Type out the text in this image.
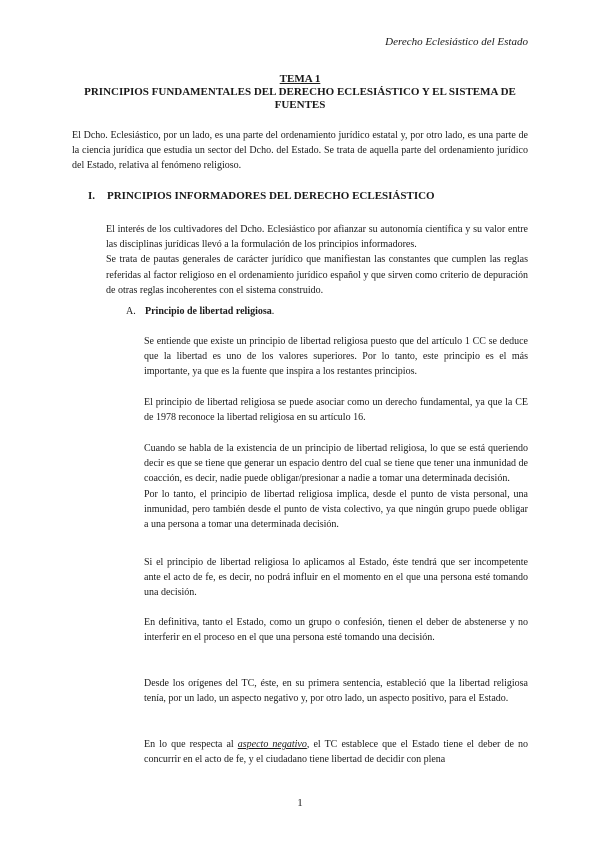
Derecho Eclesiástico del Estado
TEMA 1
PRINCIPIOS FUNDAMENTALES DEL DERECHO ECLESIÁSTICO Y EL SISTEMA DE
FUENTES

El Dcho. Eclesiástico, por un lado, es una parte del ordenamiento jurídico estatal y, por otro lado, es una parte de la ciencia jurídica que estudia un sector del Dcho. del Estado. Se trata de aquella parte del ordenamiento jurídico del Estado, relativa al fenómeno religioso.

I. PRINCIPIOS INFORMADORES DEL DERECHO ECLESIÁSTICO

El interés de los cultivadores del Dcho. Eclesiástico por afianzar su autonomía científica y su valor entre las disciplinas jurídicas llevó a la formulación de los principios informadores.

Se trata de pautas generales de carácter jurídico que manifiestan las constantes que cumplen las reglas referidas al factor religioso en el ordenamiento jurídico español y que sirven como criterio de depuración de otras reglas incoherentes con el sistema construido.

A. Principio de libertad religiosa.

Se entiende que existe un principio de libertad religiosa puesto que del artículo 1 CC se deduce que la libertad es uno de los valores superiores. Por lo tanto, este principio es el más importante, ya que es la fuente que inspira a los restantes principios.

El principio de libertad religiosa se puede asociar como un derecho fundamental, ya que la CE de 1978 reconoce la libertad religiosa en su artículo 16.

Cuando se habla de la existencia de un principio de libertad religiosa, lo que se está queriendo decir es que se tiene que generar un espacio dentro del cual se tiene que tener una inmunidad de coacción, es decir, nadie puede obligar/presionar a nadie a tomar una determinada decisión.

Por lo tanto, el principio de libertad religiosa implica, desde el punto de vista personal, una inmunidad, pero también desde el punto de vista colectivo, ya que ningún grupo puede obligar a una persona a tomar una determinada decisión.

Si el principio de libertad religiosa lo aplicamos al Estado, éste tendrá que ser incompetente ante el acto de fe, es decir, no podrá influir en el momento en el que una persona esté tomando una decisión.

En definitiva, tanto el Estado, como un grupo o confesión, tienen el deber de abstenerse y no interferir en el proceso en el que una persona esté tomando una decisión.

Desde los orígenes del TC, éste, en su primera sentencia, estableció que la libertad religiosa tenía, por un lado, un aspecto negativo y, por otro lado, un aspecto positivo, para el Estado.

En lo que respecta al aspecto negativo, el TC establece que el Estado tiene el deber de no concurrir en el acto de fe, y el ciudadano tiene libertad de decidir con plena

1
